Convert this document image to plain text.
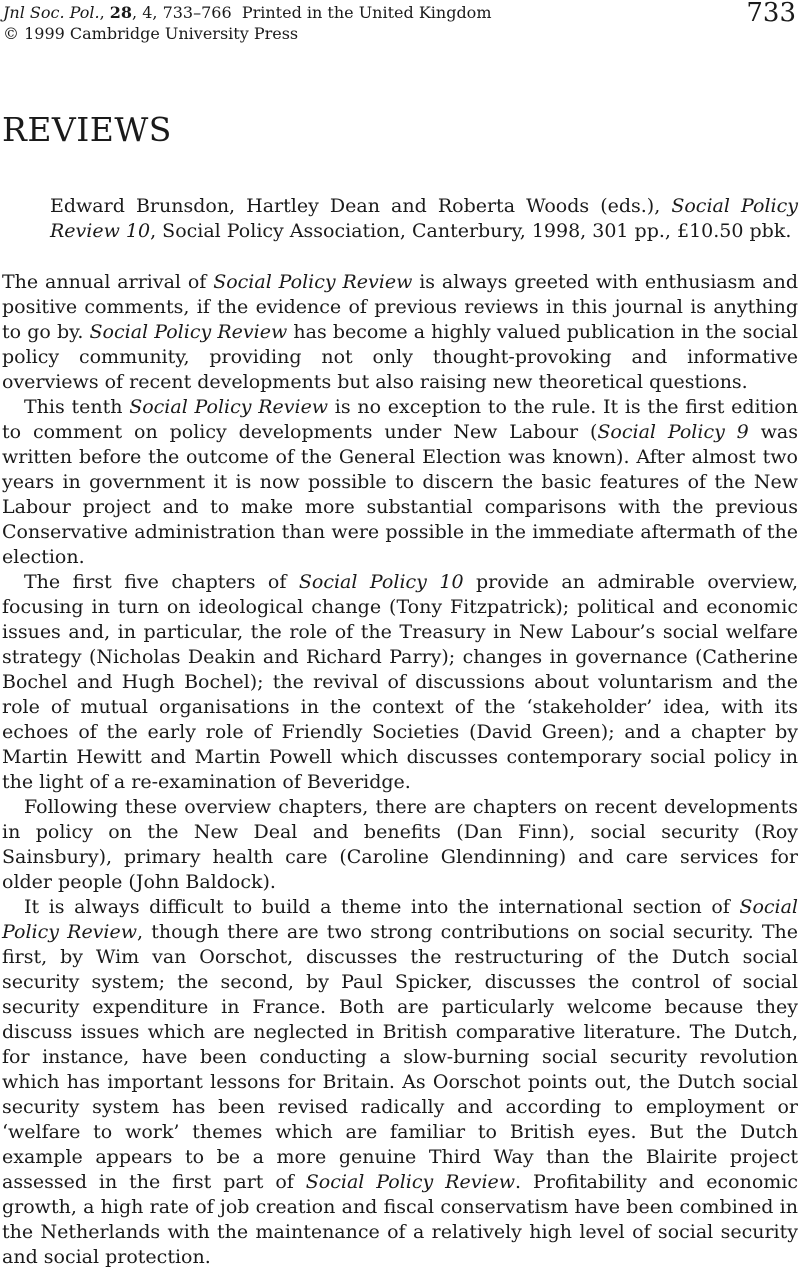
Jnl Soc. Pol., 28, 4, 733–766 Printed in the United Kingdom
© 1999 Cambridge University Press
733
REVIEWS
Edward Brunsdon, Hartley Dean and Roberta Woods (eds.), Social Policy Review 10, Social Policy Association, Canterbury, 1998, 301 pp., £10.50 pbk.

The annual arrival of Social Policy Review is always greeted with enthusiasm and positive comments, if the evidence of previous reviews in this journal is anything to go by. Social Policy Review has become a highly valued publication in the social policy community, providing not only thought-provoking and informative overviews of recent developments but also raising new theoretical questions.

This tenth Social Policy Review is no exception to the rule. It is the first edition to comment on policy developments under New Labour (Social Policy 9 was written before the outcome of the General Election was known). After almost two years in government it is now possible to discern the basic features of the New Labour project and to make more substantial comparisons with the previous Conservative administration than were possible in the immediate aftermath of the election.

The first five chapters of Social Policy 10 provide an admirable overview, focusing in turn on ideological change (Tony Fitzpatrick); political and economic issues and, in particular, the role of the Treasury in New Labour’s social welfare strategy (Nicholas Deakin and Richard Parry); changes in governance (Catherine Bochel and Hugh Bochel); the revival of discussions about voluntarism and the role of mutual organisations in the context of the ‘stakeholder’ idea, with its echoes of the early role of Friendly Societies (David Green); and a chapter by Martin Hewitt and Martin Powell which discusses contemporary social policy in the light of a re-examination of Beveridge.

Following these overview chapters, there are chapters on recent developments in policy on the New Deal and benefits (Dan Finn), social security (Roy Sainsbury), primary health care (Caroline Glendinning) and care services for older people (John Baldock).

It is always difficult to build a theme into the international section of Social Policy Review, though there are two strong contributions on social security. The first, by Wim van Oorschot, discusses the restructuring of the Dutch social security system; the second, by Paul Spicker, discusses the control of social security expenditure in France. Both are particularly welcome because they discuss issues which are neglected in British comparative literature. The Dutch, for instance, have been conducting a slow-burning social security revolution which has important lessons for Britain. As Oorschot points out, the Dutch social security system has been revised radically and according to employment or ‘welfare to work’ themes which are familiar to British eyes. But the Dutch example appears to be a more genuine Third Way than the Blairite project assessed in the first part of Social Policy Review. Profitability and economic growth, a high rate of job creation and fiscal conservatism have been combined in the Netherlands with the maintenance of a relatively high level of social security and social protection.
